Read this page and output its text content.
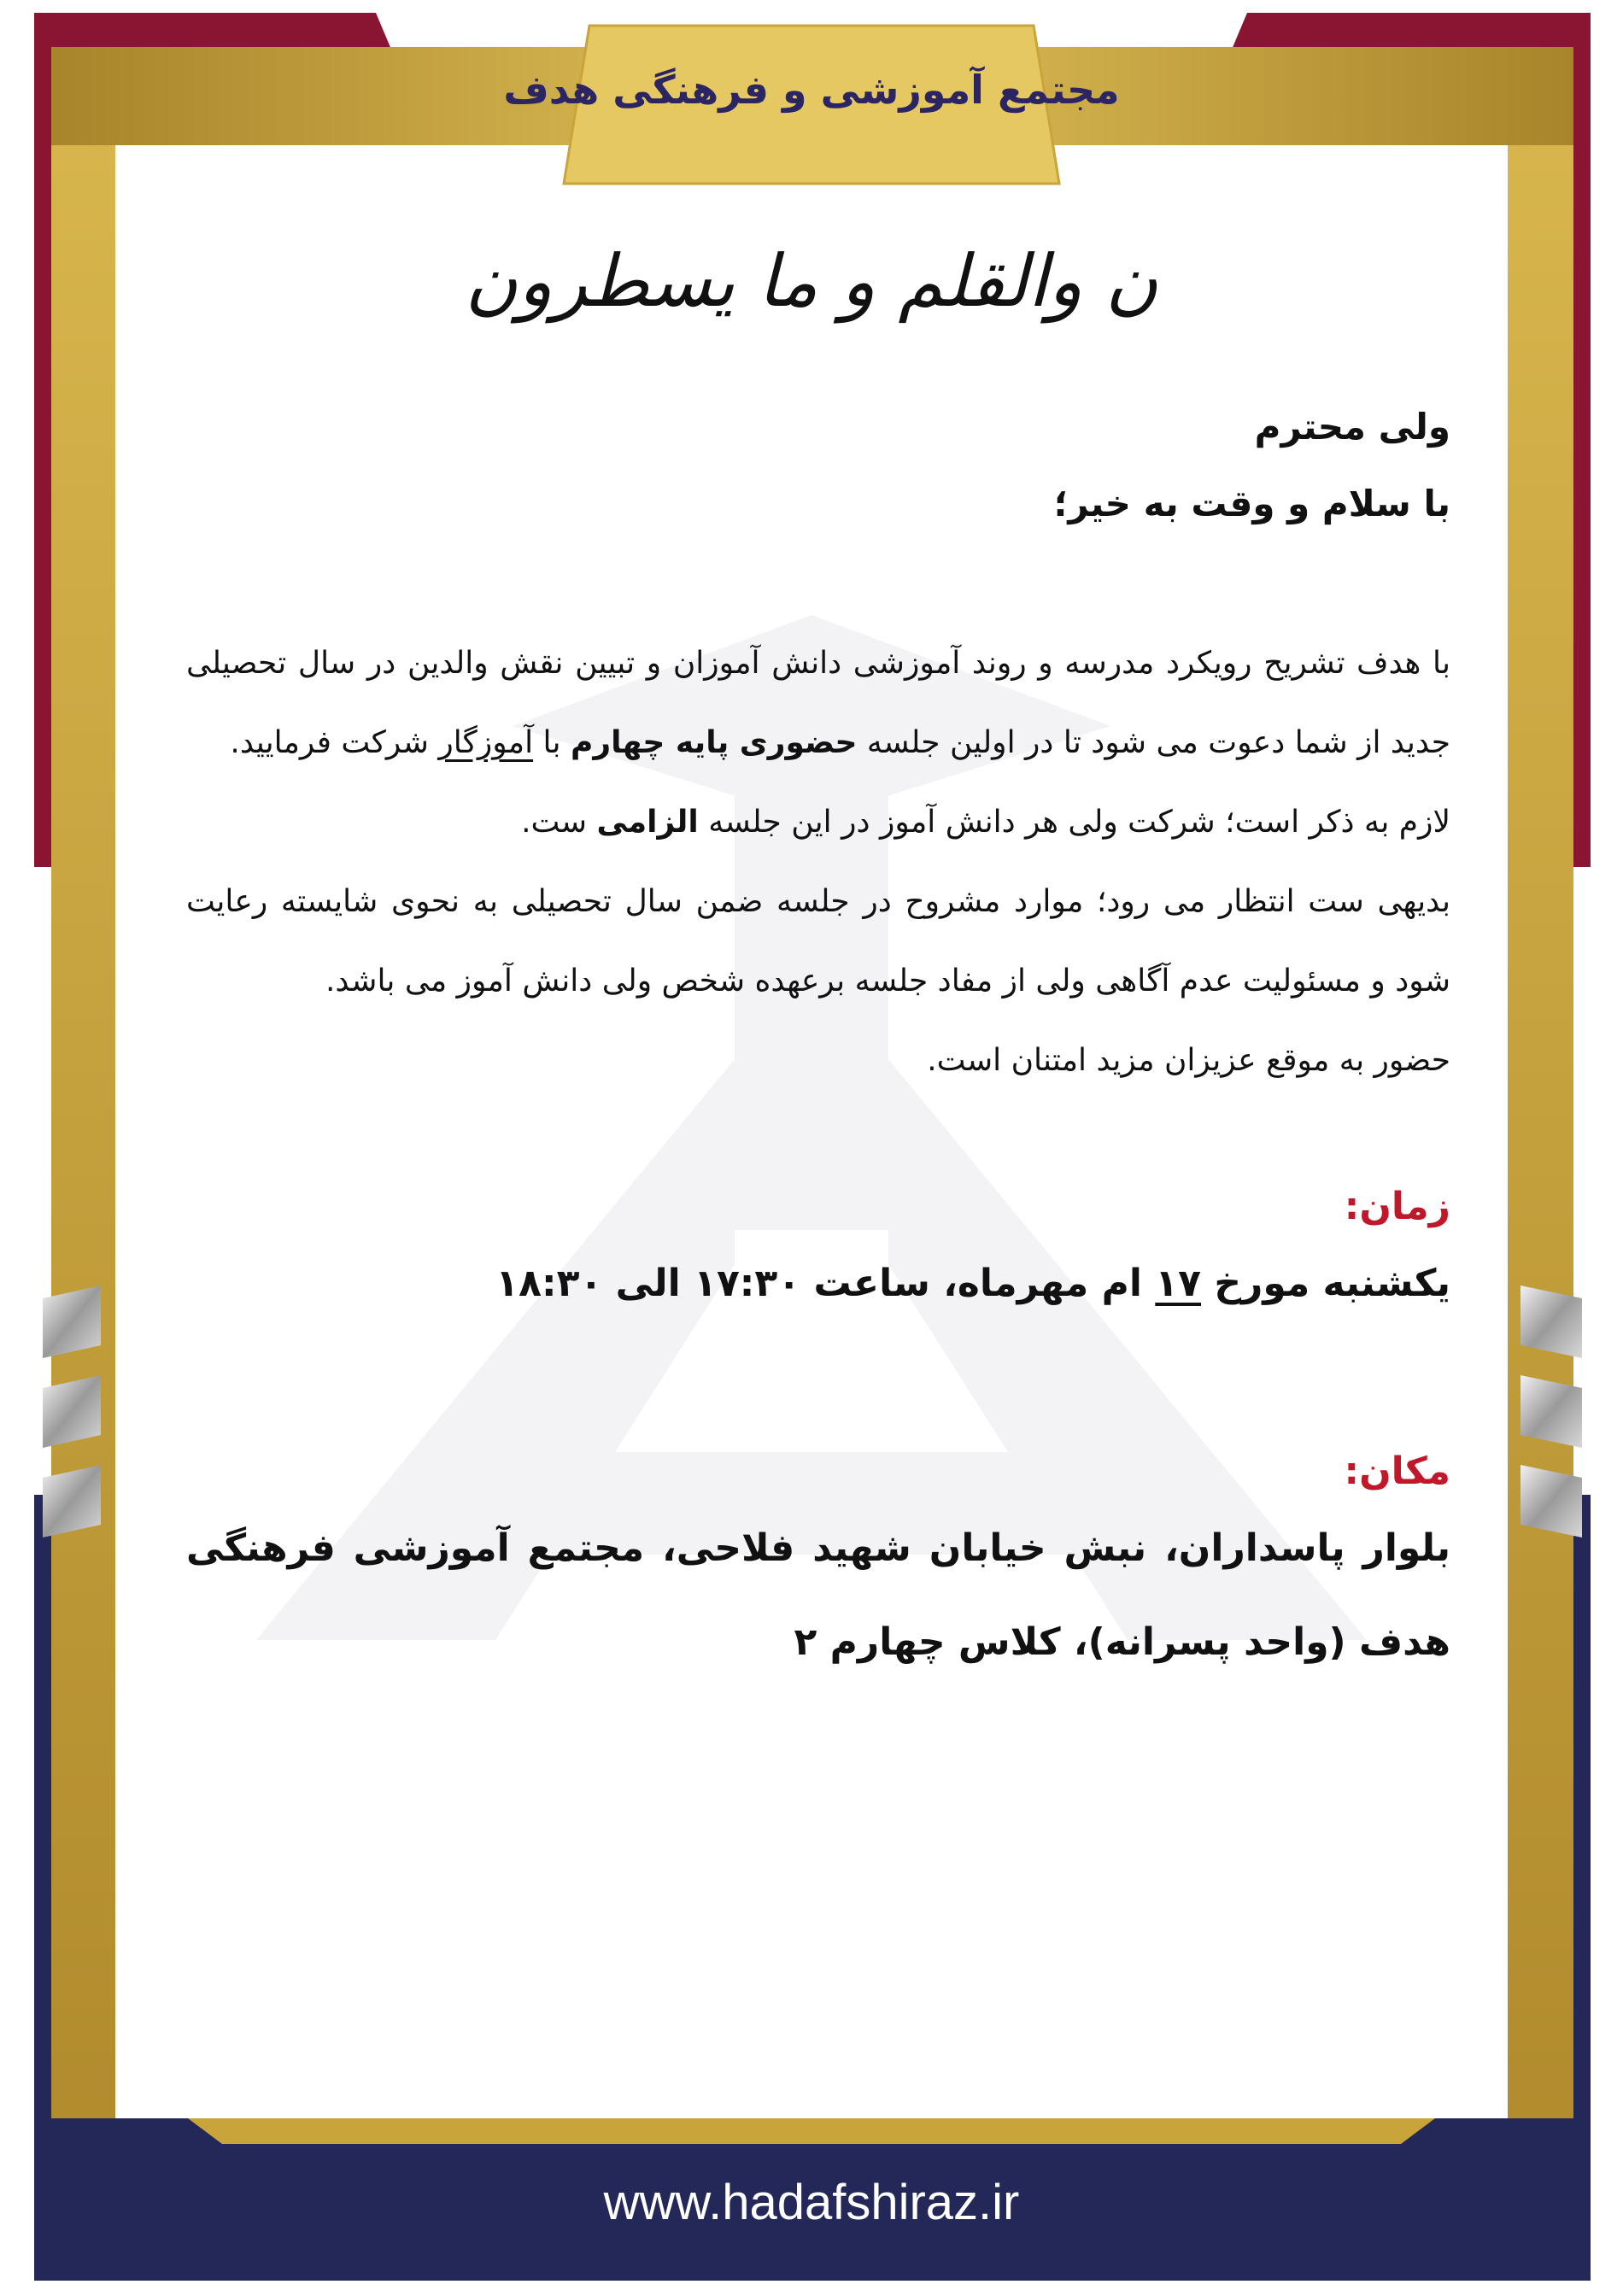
مجتمع آموزشی و فرهنگی هدف
ن والقلم و ما یسطرون

ولی محترم

با سلام و وقت به خیر؛

با هدف تشریح رویکرد مدرسه و روند آموزشی دانش آموزان و تبیین نقش والدین در سال تحصیلی جدید از شما دعوت می شود تا در اولین جلسه حضوری پایه چهارم با آموزگار شرکت فرمایید.

لازم به ذکر است؛ شرکت ولی هر دانش آموز در این جلسه الزامی ست.

بدیهی ست انتظار می رود؛ موارد مشروح در جلسه ضمن سال تحصیلی به نحوی شایسته رعایت شود و مسئولیت عدم آگاهی ولی از مفاد جلسه برعهده شخص ولی دانش آموز می باشد.

حضور به موقع عزیزان مزید امتنان است.

زمان:

یکشنبه مورخ ۱۷ ام مهرماه، ساعت ۱۷:۳۰ الی ۱۸:۳۰

مکان:

بلوار پاسداران، نبش خیابان شهید فلاحی، مجتمع آموزشی فرهنگی هدف (واحد پسرانه)، کلاس چهارم ۲

www.hadafshiraz.ir
